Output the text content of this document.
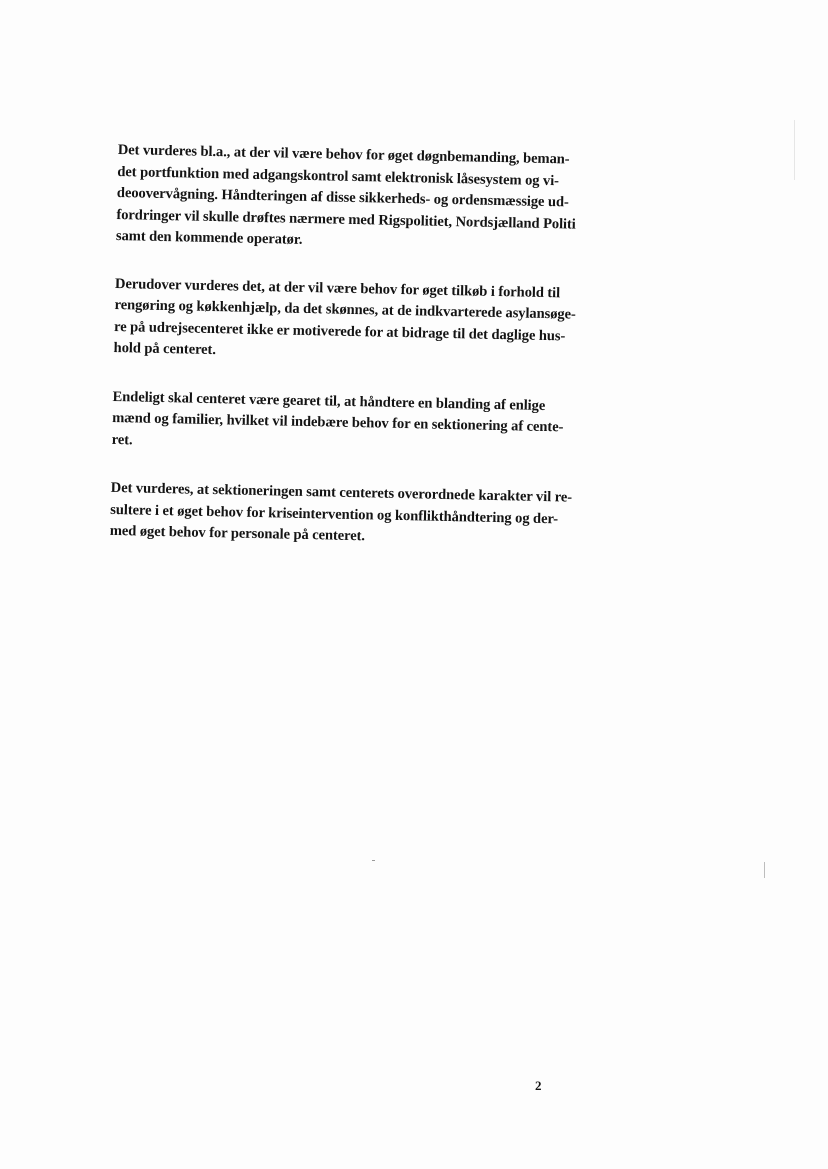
Det vurderes bl.a., at der vil være behov for øget døgnbemanding, beman-
det portfunktion med adgangskontrol samt elektronisk låsesystem og vi-
deoovervågning. Håndteringen af disse sikkerheds- og ordensmæssige ud-
fordringer vil skulle drøftes nærmere med Rigspolitiet, Nordsjælland Politi
samt den kommende operatør.

Derudover vurderes det, at der vil være behov for øget tilkøb i forhold til
rengøring og køkkenhjælp, da det skønnes, at de indkvarterede asylansøge-
re på udrejsecenteret ikke er motiverede for at bidrage til det daglige hus-
hold på centeret.

Endeligt skal centeret være gearet til, at håndtere en blanding af enlige
mænd og familier, hvilket vil indebære behov for en sektionering af cente-
ret.

Det vurderes, at sektioneringen samt centerets overordnede karakter vil re-
sultere i et øget behov for kriseintervention og konflikthåndtering og der-
med øget behov for personale på centeret.

2
